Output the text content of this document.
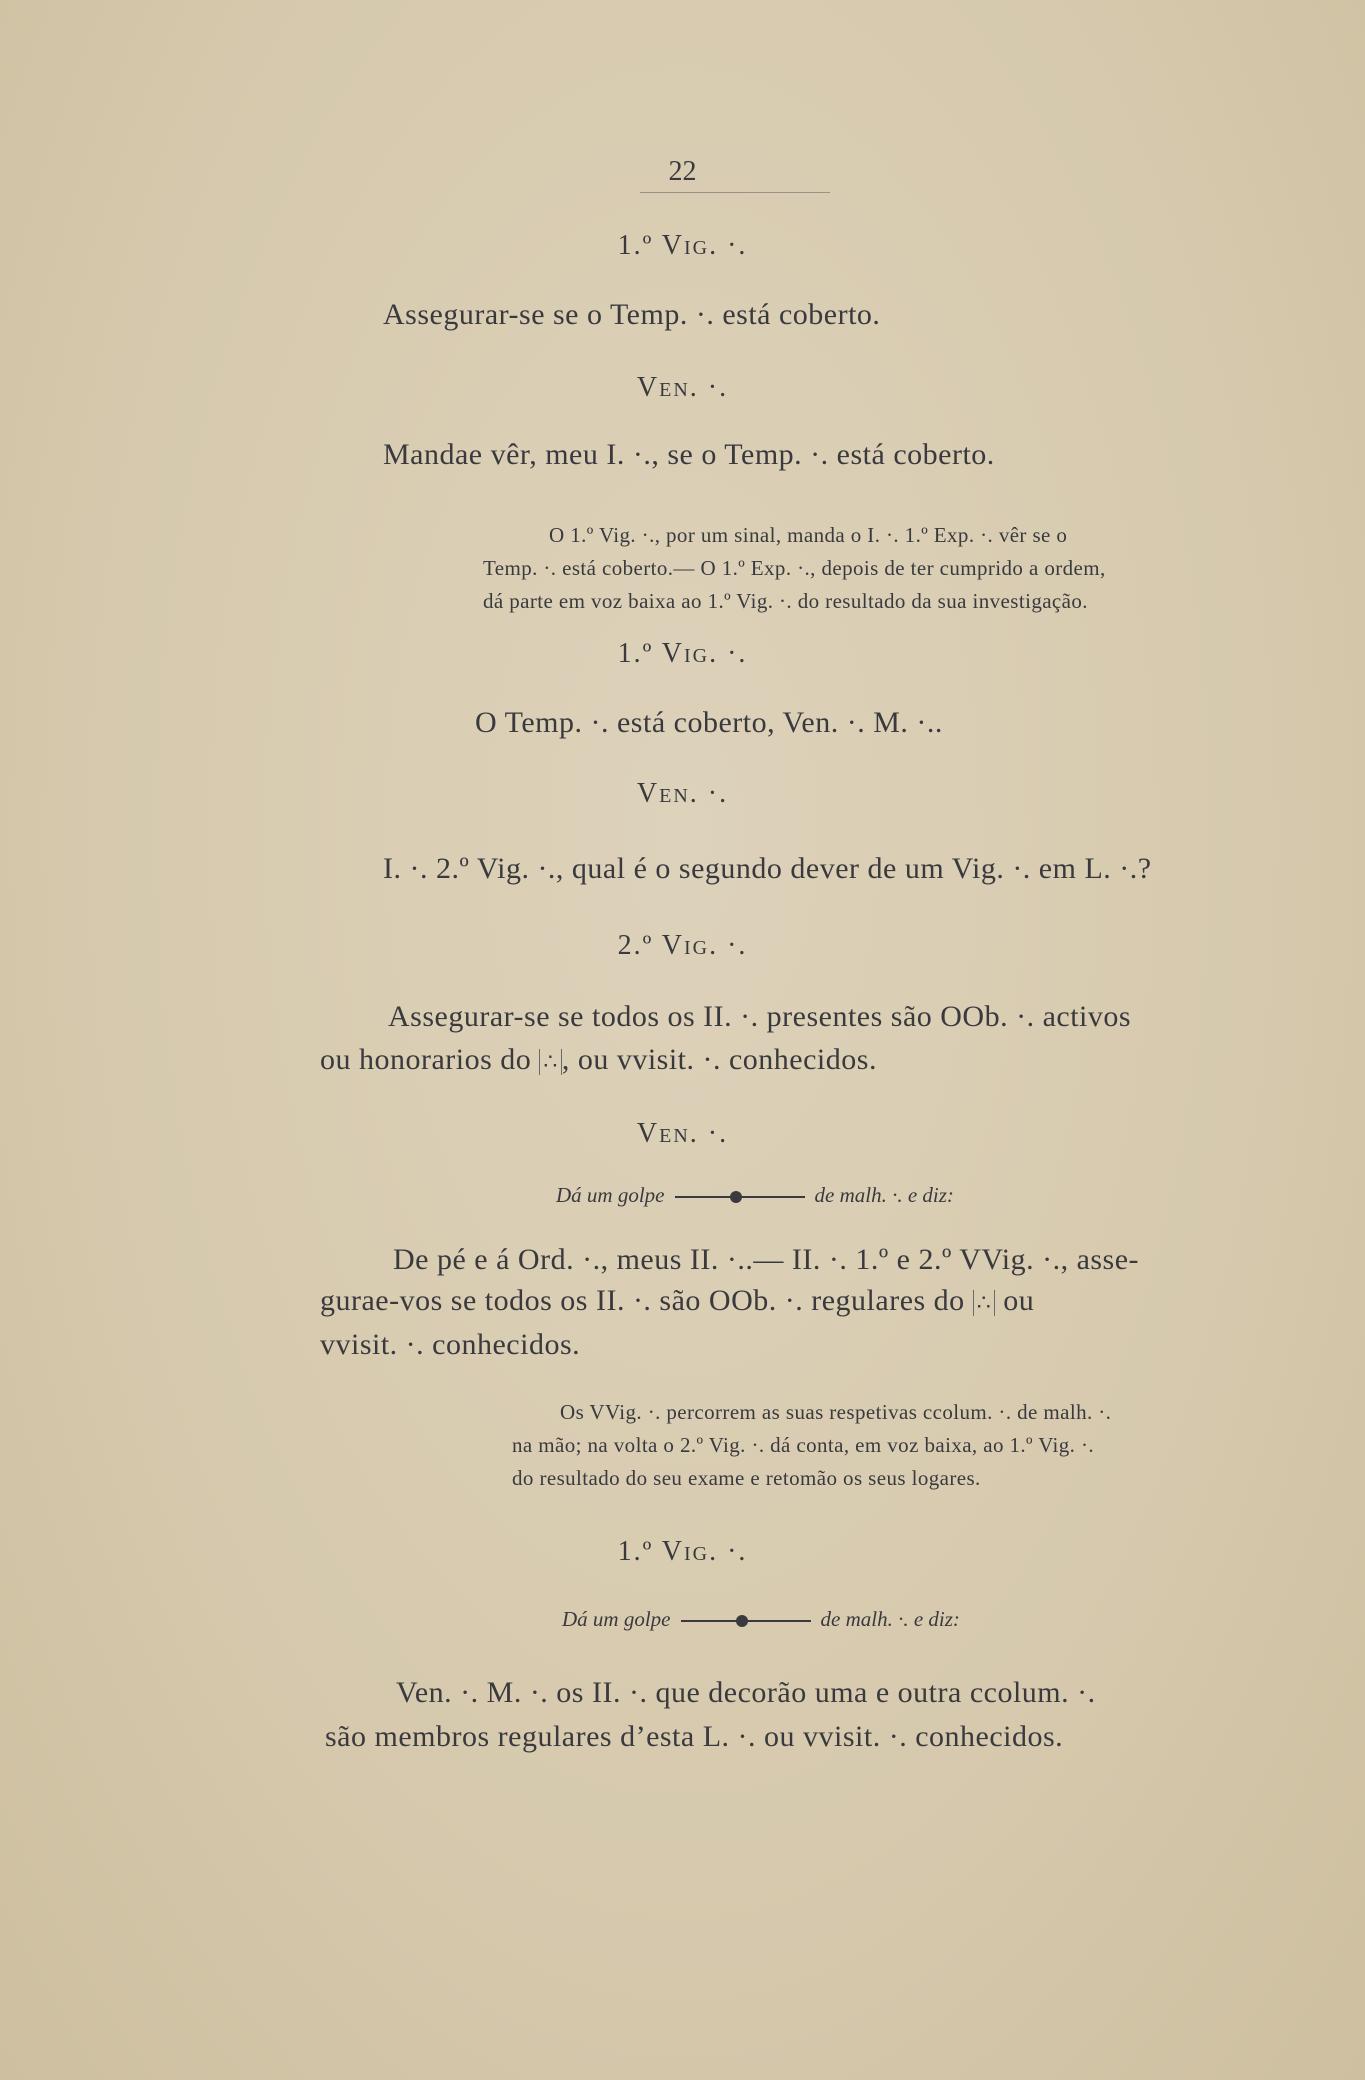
22
1.º Vig. ·.
Assegurar-se se o Temp. ·. está coberto.
Ven. ·.
Mandae vêr, meu I. ·., se o Temp. ·. está coberto.
O 1.º Vig. ·., por um sinal, manda o I. ·. 1.º Exp. ·. vêr se o
Temp. ·. está coberto.— O 1.º Exp. ·., depois de ter cumprido a ordem,
dá parte em voz baixa ao 1.º Vig. ·. do resultado da sua investigação.
1.º Vig. ·.
O Temp. ·. está coberto, Ven. ·. M. ·..
Ven. ·.
I. ·. 2.º Vig. ·., qual é o segundo dever de um Vig. ·. em L. ·.?
2.º Vig. ·.
Assegurar-se se todos os II. ·. presentes são OOb. ·. activos
ou honorarios do ∴ , ou vvisit. ·. conhecidos.
Ven. ·.
Dá um golpe	de malh. ·. e diz:
De pé e á Ord. ·., meus II. ·..— II. ·. 1.º e 2.º VVig. ·., asse-
gurae-vos se todos os II. ·. são OOb. ·. regulares do ∴ ou
vvisit. ·. conhecidos.
Os VVig. ·. percorrem as suas respetivas ccolum. ·. de malh. ·.
na mão; na volta o 2.º Vig. ·. dá conta, em voz baixa, ao 1.º Vig. ·.
do resultado do seu exame e retomão os seus logares.
1.º Vig. ·.
Dá um golpe	de malh. ·. e diz:
Ven. ·. M. ·. os II. ·. que decorão uma e outra ccolum. ·.
são membros regulares d’esta L. ·. ou vvisit. ·. conhecidos.
